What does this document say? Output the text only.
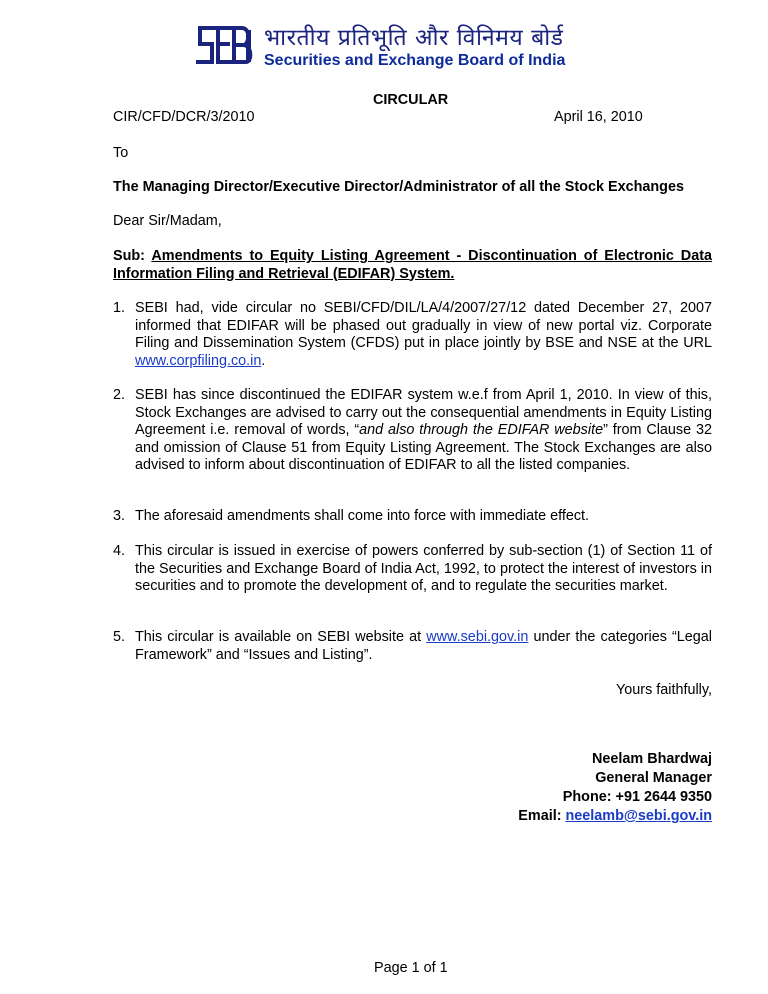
भारतीय प्रतिभूति और विनिमय बोर्ड
Securities and Exchange Board of India
CIRCULAR
CIR/CFD/DCR/3/2010	April 16, 2010
To
The Managing Director/Executive Director/Administrator of all the Stock Exchanges
Dear Sir/Madam,
Sub: Amendments to Equity Listing Agreement - Discontinuation of Electronic Data Information Filing and Retrieval (EDIFAR) System.
1. SEBI had, vide circular no SEBI/CFD/DIL/LA/4/2007/27/12 dated December 27, 2007 informed that EDIFAR will be phased out gradually in view of new portal viz. Corporate Filing and Dissemination System (CFDS) put in place jointly by BSE and NSE at the URL www.corpfiling.co.in.
2. SEBI has since discontinued the EDIFAR system w.e.f from April 1, 2010. In view of this, Stock Exchanges are advised to carry out the consequential amendments in Equity Listing Agreement i.e. removal of words, “and also through the EDIFAR website” from Clause 32 and omission of Clause 51 from Equity Listing Agreement. The Stock Exchanges are also advised to inform about discontinuation of EDIFAR to all the listed companies.
3. The aforesaid amendments shall come into force with immediate effect.
4. This circular is issued in exercise of powers conferred by sub-section (1) of Section 11 of the Securities and Exchange Board of India Act, 1992, to protect the interest of investors in securities and to promote the development of, and to regulate the securities market.
5. This circular is available on SEBI website at www.sebi.gov.in under the categories “Legal Framework” and “Issues and Listing”.
Yours faithfully,
Neelam Bhardwaj
General Manager
Phone: +91 2644 9350
Email: neelamb@sebi.gov.in
Page 1 of 1
